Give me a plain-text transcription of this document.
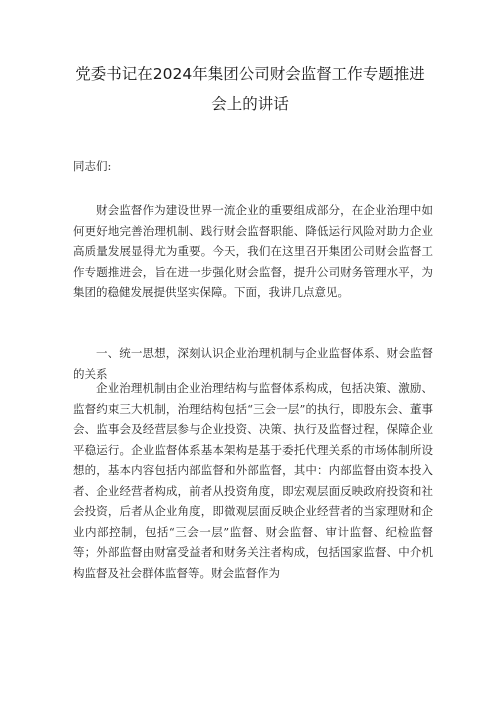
党委书记在2024年集团公司财会监督工作专题推进
会上的讲话
同志们:

财会监督作为建设世界一流企业的重要组成部分，在企业治理中如何更好地完善治理机制、践行财会监督职能、降低运行风险对助力企业高质量发展显得尤为重要。今天，我们在这里召开集团公司财会监督工作专题推进会，旨在进一步强化财会监督，提升公司财务管理水平，为集团的稳健发展提供坚实保障。下面，我讲几点意见。

一、统一思想，深刻认识企业治理机制与企业监督体系、财会监督的关系

企业治理机制由企业治理结构与监督体系构成，包括决策、激励、监督约束三大机制，治理结构包括“三会一层”的执行，即股东会、董事会、监事会及经营层参与企业投资、决策、执行及监督过程，保障企业平稳运行。企业监督体系基本架构是基于委托代理关系的市场体制所设想的，基本内容包括内部监督和外部监督，其中：内部监督由资本投入者、企业经营者构成，前者从投资角度，即宏观层面反映政府投资和社会投资，后者从企业角度，即微观层面反映企业经营者的当家理财和企业内部控制，包括“三会一层”监督、财会监督、审计监督、纪检监督等；外部监督由财富受益者和财务关注者构成，包括国家监督、中介机构监督及社会群体监督等。财会监督作为
